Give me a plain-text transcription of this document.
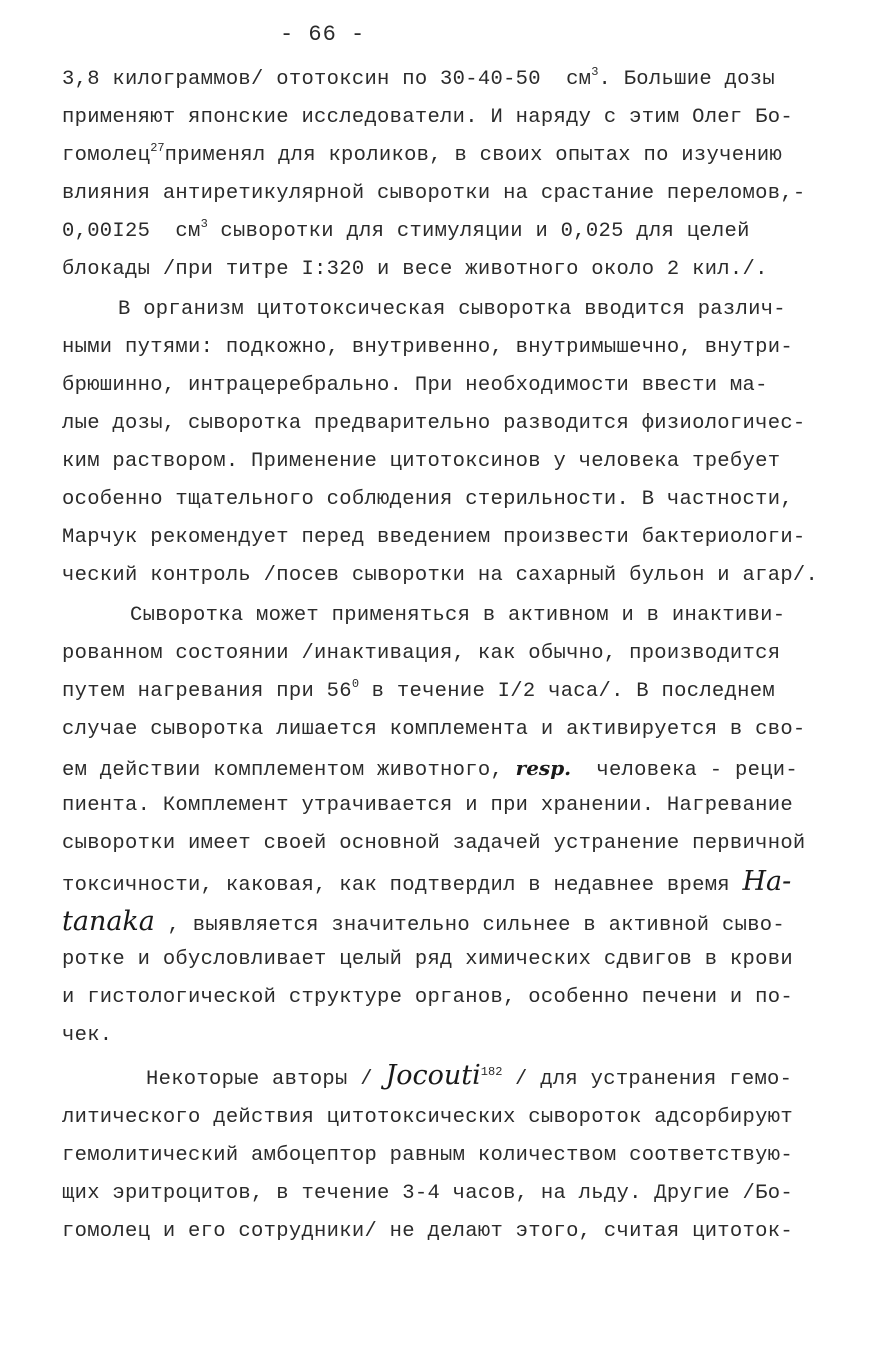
- 66 -
3,8 килограммов/ ототоксин по 30-40-50  $см^3$. Большие дозы
применяют японские исследователи. И наряду с этим Олег Бо-
гомолец$^{27}$применял для кроликов, в своих опытах по изучению
влияния антиретикулярной сыворотки на срастание переломов,-
0,00I25  $см^3$ сыворотки для стимуляции и 0,025 для целей
блокады /при титре I:320 и весе животного около 2 кил./.
В организм цитотоксическая сыворотка вводится различ-
ными путями: подкожно, внутривенно, внутримышечно, внутри-
брюшинно, интрацеребрально. При необходимости ввести ма-
лые дозы, сыворотка предварительно разводится физиологичес-
ким раствором. Применение цитотоксинов у человека требует
особенно тщательного соблюдения стерильности. В частности,
Марчук рекомендует перед введением произвести бактериологи-
ческий контроль /посев сыворотки на сахарный бульон и агар/.
Сыворотка может применяться в активном и в инактиви-
рованном состоянии /инактивация, как обычно, производится
путем нагревания при $56^0$ в течение I/2 часа/. В последнем
случае сыворотка лишается комплемента и активируется в сво-
ем действии комплементом животного, resp.  человека - реци-
пиента. Комплемент утрачивается и при хранении. Нагревание
сыворотки имеет своей основной задачей устранение первичной
токсичности, каковая, как подтвердил в недавнее время Ha-
tanaka , выявляется значительно сильнее в активной сыво-
ротке и обусловливает целый ряд химических сдвигов в крови
и гистологической структуре органов, особенно печени и по-
чек.
Некоторые авторы / Jocouti$^{182}$ / для устранения гемо-
литического действия цитотоксических сывороток адсорбируют
гемолитический амбоцептор равным количеством соответствую-
щих эритроцитов, в течение 3-4 часов, на льду. Другие /Бо-
гомолец и его сотрудники/ не делают этого, считая цитоток-
